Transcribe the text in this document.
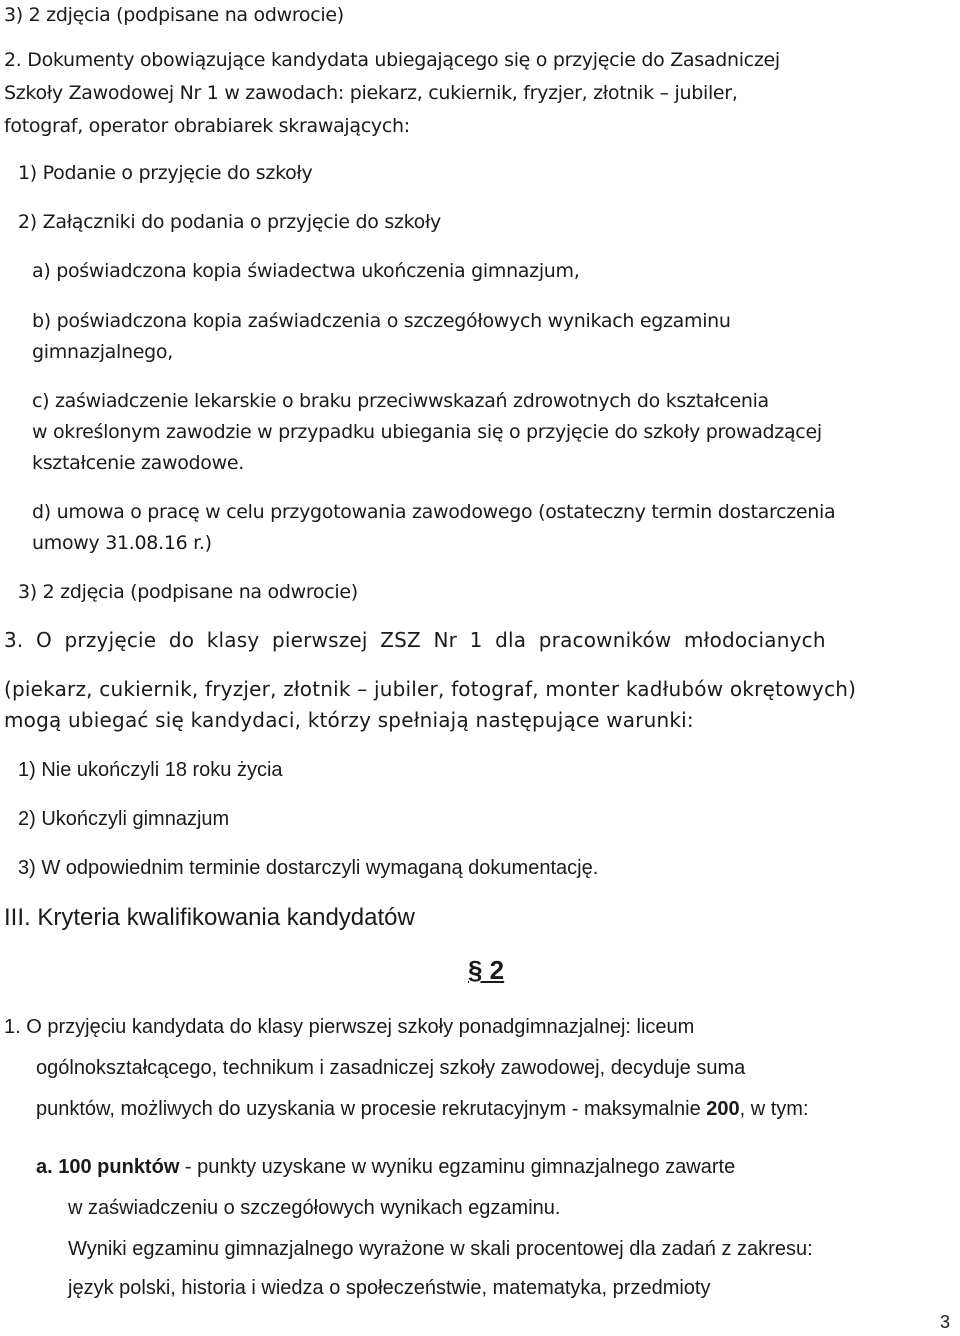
3) 2 zdjęcia (podpisane na odwrocie)
2. Dokumenty obowiązujące kandydata ubiegającego się o przyjęcie do Zasadniczej
Szkoły Zawodowej Nr 1 w zawodach: piekarz, cukiernik, fryzjer, złotnik – jubiler,
fotograf, operator obrabiarek skrawających:
1) Podanie o przyjęcie do szkoły
2) Załączniki do podania o przyjęcie do szkoły
a) poświadczona kopia świadectwa ukończenia gimnazjum,
b) poświadczona kopia zaświadczenia o szczegółowych wynikach egzaminu
gimnazjalnego,
c) zaświadczenie lekarskie o braku przeciwwskazań zdrowotnych do kształcenia
w określonym zawodzie w przypadku ubiegania się o przyjęcie do szkoły prowadzącej
kształcenie zawodowe.
d) umowa o pracę w celu przygotowania zawodowego (ostateczny termin dostarczenia
umowy 31.08.16 r.)
3) 2 zdjęcia (podpisane na odwrocie)
3. O przyjęcie do klasy pierwszej ZSZ Nr 1 dla pracowników młodocianych
(piekarz, cukiernik, fryzjer, złotnik – jubiler, fotograf, monter kadłubów okrętowych)
mogą ubiegać się kandydaci, którzy spełniają następujące warunki:
1) Nie ukończyli 18 roku życia
2) Ukończyli gimnazjum
3) W odpowiednim terminie dostarczyli wymaganą dokumentację.
III. Kryteria kwalifikowania kandydatów
§ 2
1. O przyjęciu kandydata do klasy pierwszej szkoły ponadgimnazjalnej: liceum
ogólnokształcącego, technikum i zasadniczej szkoły zawodowej, decyduje suma
punktów, możliwych do uzyskania w procesie rekrutacyjnym - maksymalnie 200, w tym:
a. 100 punktów - punkty uzyskane w wyniku egzaminu gimnazjalnego zawarte
w zaświadczeniu o szczegółowych wynikach egzaminu.
Wyniki egzaminu gimnazjalnego wyrażone w skali procentowej dla zadań z zakresu:
język polski, historia i wiedza o społeczeństwie, matematyka, przedmioty
3
